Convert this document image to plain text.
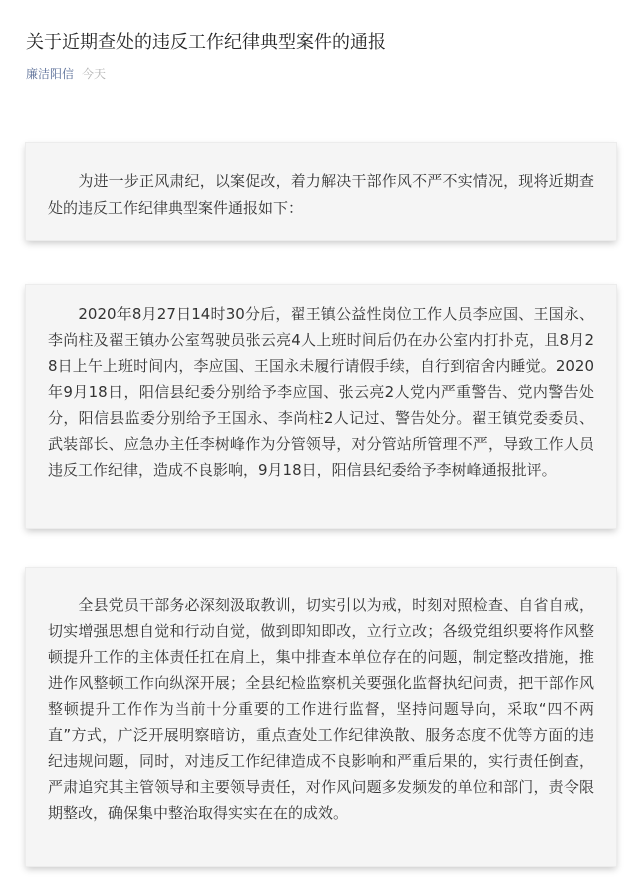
关于近期查处的违反工作纪律典型案件的通报
廉洁阳信 今天

　　为进一步正风肃纪，以案促改，着力解决干部作风不严不实情况，现将近期查处的违反工作纪律典型案件通报如下：

　　2020年8月27日14时30分后，翟王镇公益性岗位工作人员李应国、王国永、李尚柱及翟王镇办公室驾驶员张云亮4人上班时间后仍在办公室内打扑克，且8月28日上午上班时间内，李应国、王国永未履行请假手续，自行到宿舍内睡觉。2020年9月18日，阳信县纪委分别给予李应国、张云亮2人党内严重警告、党内警告处分，阳信县监委分别给予王国永、李尚柱2人记过、警告处分。翟王镇党委委员、武装部长、应急办主任李树峰作为分管领导，对分管站所管理不严，导致工作人员违反工作纪律，造成不良影响，9月18日，阳信县纪委给予李树峰通报批评。

　　全县党员干部务必深刻汲取教训，切实引以为戒，时刻对照检查、自省自戒，切实增强思想自觉和行动自觉，做到即知即改，立行立改；各级党组织要将作风整顿提升工作的主体责任扛在肩上，集中排查本单位存在的问题，制定整改措施，推进作风整顿工作向纵深开展；全县纪检监察机关要强化监督执纪问责，把干部作风整顿提升工作作为当前十分重要的工作进行监督，坚持问题导向，采取“四不两直”方式，广泛开展明察暗访，重点查处工作纪律涣散、服务态度不优等方面的违纪违规问题，同时，对违反工作纪律造成不良影响和严重后果的，实行责任倒查，严肃追究其主管领导和主要领导责任，对作风问题多发频发的单位和部门，责令限期整改，确保集中整治取得实实在在的成效。
